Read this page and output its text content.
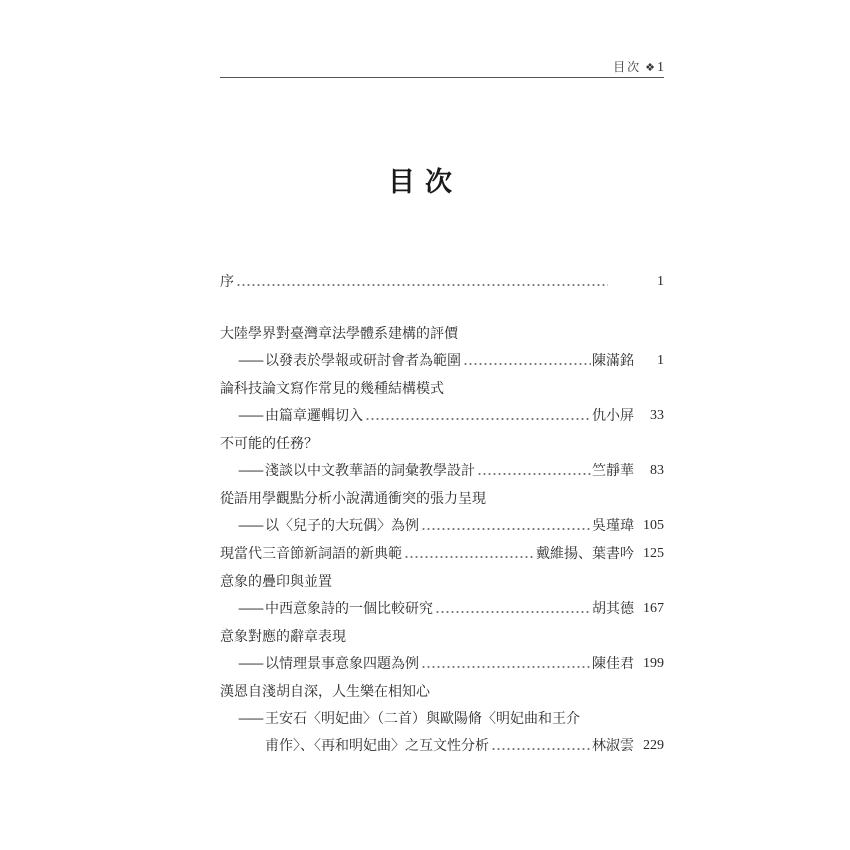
目次 ❖ 1
目次
序	1
大陸學界對臺灣章法學體系建構的評價
—— 以發表於學報或研討會者為範圍	陳滿銘	1
論科技論文寫作常見的幾種結構模式
—— 由篇章邏輯切入	仇小屏	33
不可能的任務？
—— 淺談以中文教華語的詞彙教學設計	竺靜華	83
從語用學觀點分析小說溝通衝突的張力呈現
—— 以〈兒子的大玩偶〉為例	吳瑾瑋 105
現當代三音節新詞語的新典範	戴維揚、葉書吟 125
意象的疊印與並置
—— 中西意象詩的一個比較研究	胡其德 167
意象對應的辭章表現
—— 以情理景事意象四題為例	陳佳君 199
漢恩自淺胡自深，人生樂在相知心
—— 王安石〈明妃曲〉（二首）與歐陽脩〈明妃曲和王介
甫作〉、〈再和明妃曲〉之互文性分析	林淑雲 229
